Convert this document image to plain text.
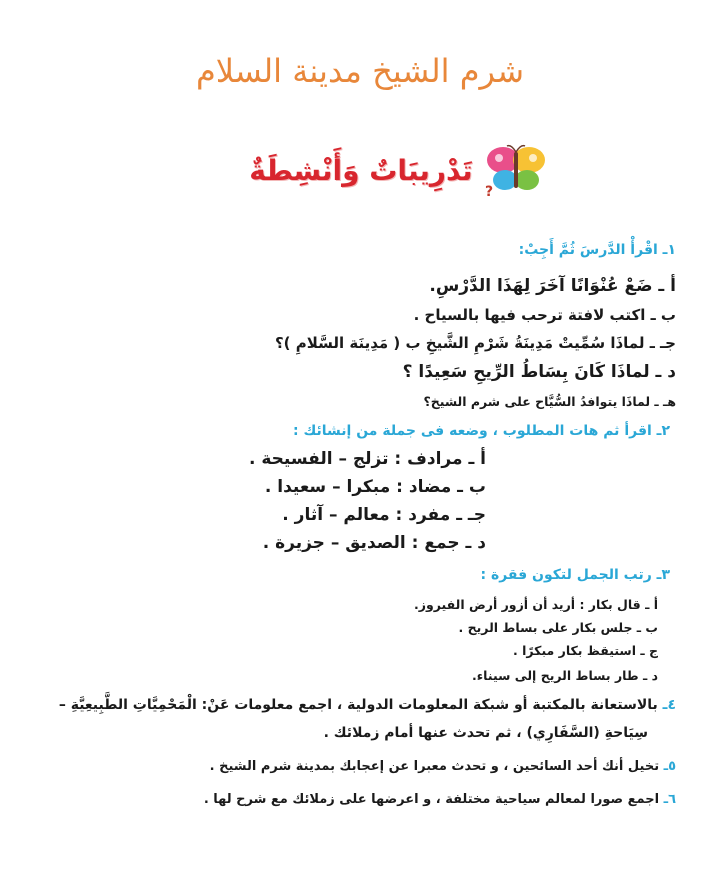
شرم الشيخ مدينة السلام
?
تَدْرِيبَاتٌ وَأَنْشِطَةٌ

١ـ اقْرأْ الدَّرسَ ثُمَّ أَجِبْ:

أ ـ ضَعْ عُنْوَانًا آخَرَ لِهَذَا الدَّرْسِ.

ب ـ اكتب لافتة ترحب فيها بالسياح .

جـ ـ لماذَا سُمِّيتْ مَدِينَةُ شَرْمِ الشَّيخِ ب ( مَدِينَة السَّلامِ )؟

د ـ لماذَا كَانَ بِسَاطُ الرِّيحِ سَعِيدًا ؟

هـ ـ لماذَا يتوافدُ السُّيَّاح على شرم الشيخ؟

٢ـ اقرأ ثم هات المطلوب ، وضعه فى جملة من إنشائك :

أ ـ مرادف : تزلج – الفسيحة .

ب ـ مضاد : مبكرا – سعيدا .

جـ ـ مفرد : معالم – آثار .

د ـ جمع : الصديق – جزيرة .

٣ـ رتب الجمل لتكون فقرة :

أ ـ قال بكار : أريد أن أزور أرض الفيروز.

ب ـ جلس بكار على بساط الريح .

ج ـ استيقظ بكار مبكرًا .

د ـ طار بساط الريح إلى سيناء.

٤ـ بالاستعانة بالمكتبة أو شبكة المعلومات الدولية ، اجمع معلومات عَنْ: الْمَحْمِيَّاتِ الطَّبِيعِيَّةِ –

سِيَاحةِ (السَّفَارِي) ، ثم تحدث عنها أمام زملائك .

٥ـ تخيل أنك أحد السائحين ، و تحدث معبرا عن إعجابك بمدينة شرم الشيخ .

٦ـ اجمع صورا لمعالم سياحية مختلفة ، و اعرضها على زملائك مع شرح لها .
